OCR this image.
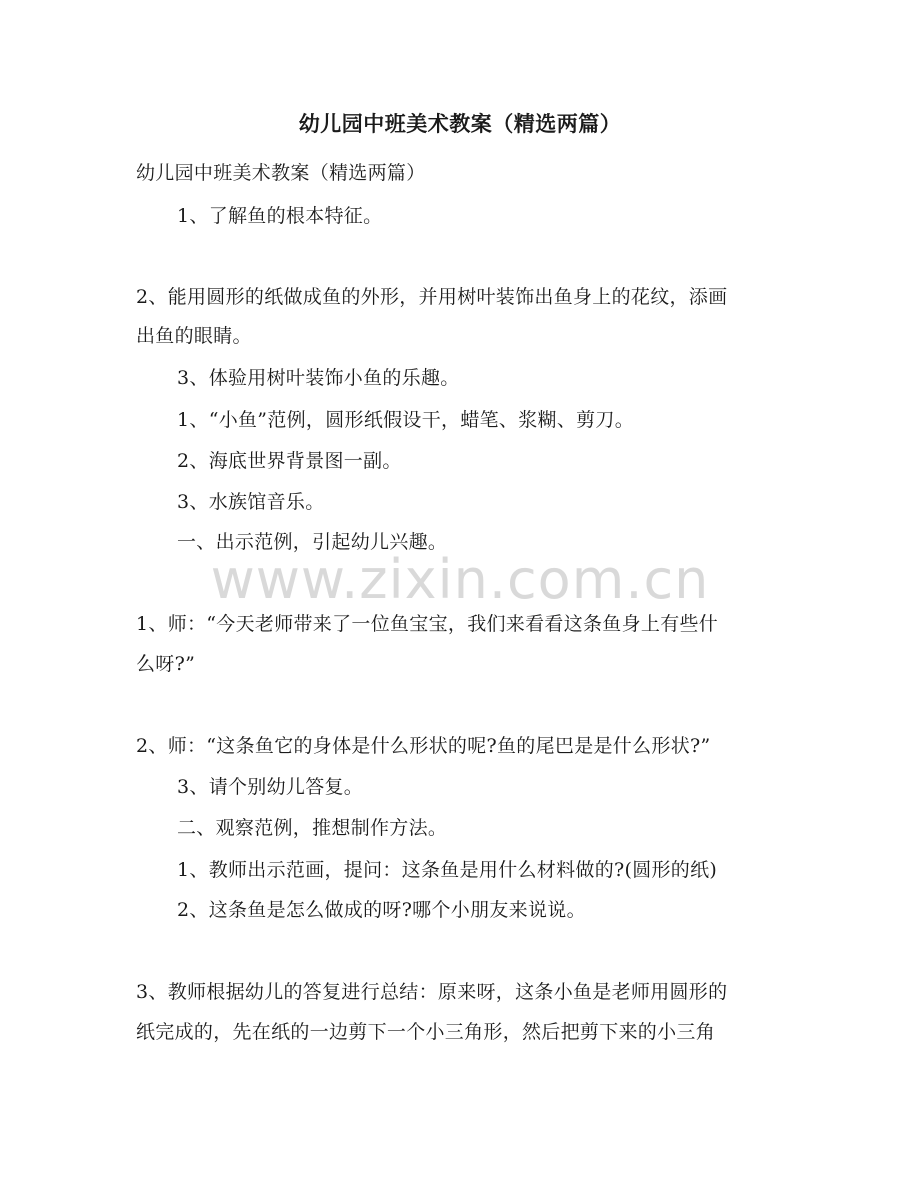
www.zixin.com.cn
幼儿园中班美术教案（精选两篇）
幼儿园中班美术教案（精选两篇）
1、了解鱼的根本特征。
2、能用圆形的纸做成鱼的外形，并用树叶装饰出鱼身上的花纹，添画
出鱼的眼睛。
3、体验用树叶装饰小鱼的乐趣。
1、“小鱼”范例，圆形纸假设干，蜡笔、浆糊、剪刀。
2、海底世界背景图一副。
3、水族馆音乐。
一、出示范例，引起幼儿兴趣。
1、师：“今天老师带来了一位鱼宝宝，我们来看看这条鱼身上有些什
么呀?”
2、师：“这条鱼它的身体是什么形状的呢?鱼的尾巴是是什么形状?”
3、请个别幼儿答复。
二、观察范例，推想制作方法。
1、教师出示范画，提问：这条鱼是用什么材料做的?(圆形的纸)
2、这条鱼是怎么做成的呀?哪个小朋友来说说。
3、教师根据幼儿的答复进行总结：原来呀，这条小鱼是老师用圆形的
纸完成的，先在纸的一边剪下一个小三角形，然后把剪下来的小三角
